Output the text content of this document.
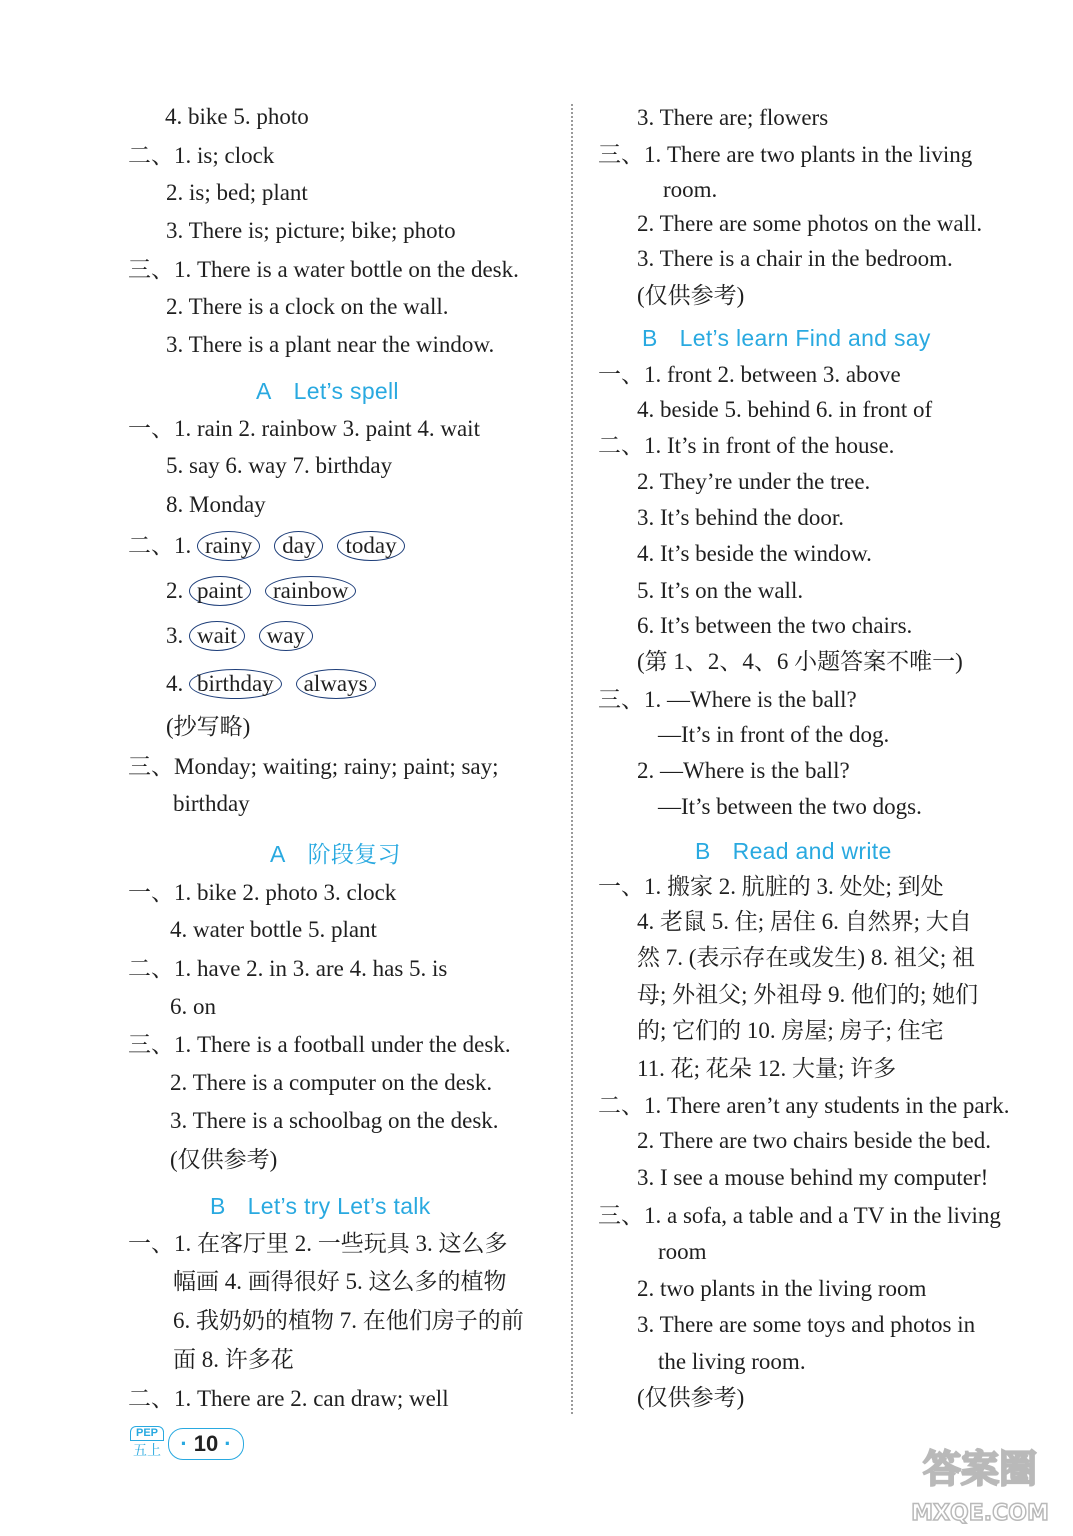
4. bike 5. photo
二、1. is; clock
2. is; bed; plant
3. There is; picture; bike; photo
三、1. There is a water bottle on the desk.
2. There is a clock on the wall.
3. There is a plant near the window.
A Let’s spell
一、1. rain 2. rainbow 3. paint 4. wait
5. say 6. way 7. birthday
8. Monday
二、1. rainy day today
2. paint rainbow
3. wait way
4. birthday always
(抄写略)
三、Monday; waiting; rainy; paint; say;
birthday
A 阶段复习
一、1. bike 2. photo 3. clock
4. water bottle 5. plant
二、1. have 2. in 3. are 4. has 5. is
6. on
三、1. There is a football under the desk.
2. There is a computer on the desk.
3. There is a schoolbag on the desk.
(仅供参考)
B Let’s try Let’s talk
一、1. 在客厅里 2. 一些玩具 3. 这么多
幅画 4. 画得很好 5. 这么多的植物
6. 我奶奶的植物 7. 在他们房子的前
面 8. 许多花
二、1. There are 2. can draw; well
3. There are; flowers
三、1. There are two plants in the living
room.
2. There are some photos on the wall.
3. There is a chair in the bedroom.
(仅供参考)
B Let’s learn Find and say
一、1. front 2. between 3. above
4. beside 5. behind 6. in front of
二、1. It’s in front of the house.
2. They’re under the tree.
3. It’s behind the door.
4. It’s beside the window.
5. It’s on the wall.
6. It’s between the two chairs.
(第 1、2、4、6 小题答案不唯一)
三、1. —Where is the ball?
—It’s in front of the dog.
2. —Where is the ball?
—It’s between the two dogs.
B Read and write
一、1. 搬家 2. 肮脏的 3. 处处; 到处
4. 老鼠 5. 住; 居住 6. 自然界; 大自
然 7. (表示存在或发生) 8. 祖父; 祖
母; 外祖父; 外祖母 9. 他们的; 她们
的; 它们的 10. 房屋; 房子; 住宅
11. 花; 花朵 12. 大量; 许多
二、1. There aren’t any students in the park.
2. There are two chairs beside the bed.
3. I see a mouse behind my computer!
三、1. a sofa, a table and a TV in the living
room
2. two plants in the living room
3. There are some toys and photos in
the living room.
(仅供参考)
PEP
五上 · 10 ·
答案圈
MXQE.COM
